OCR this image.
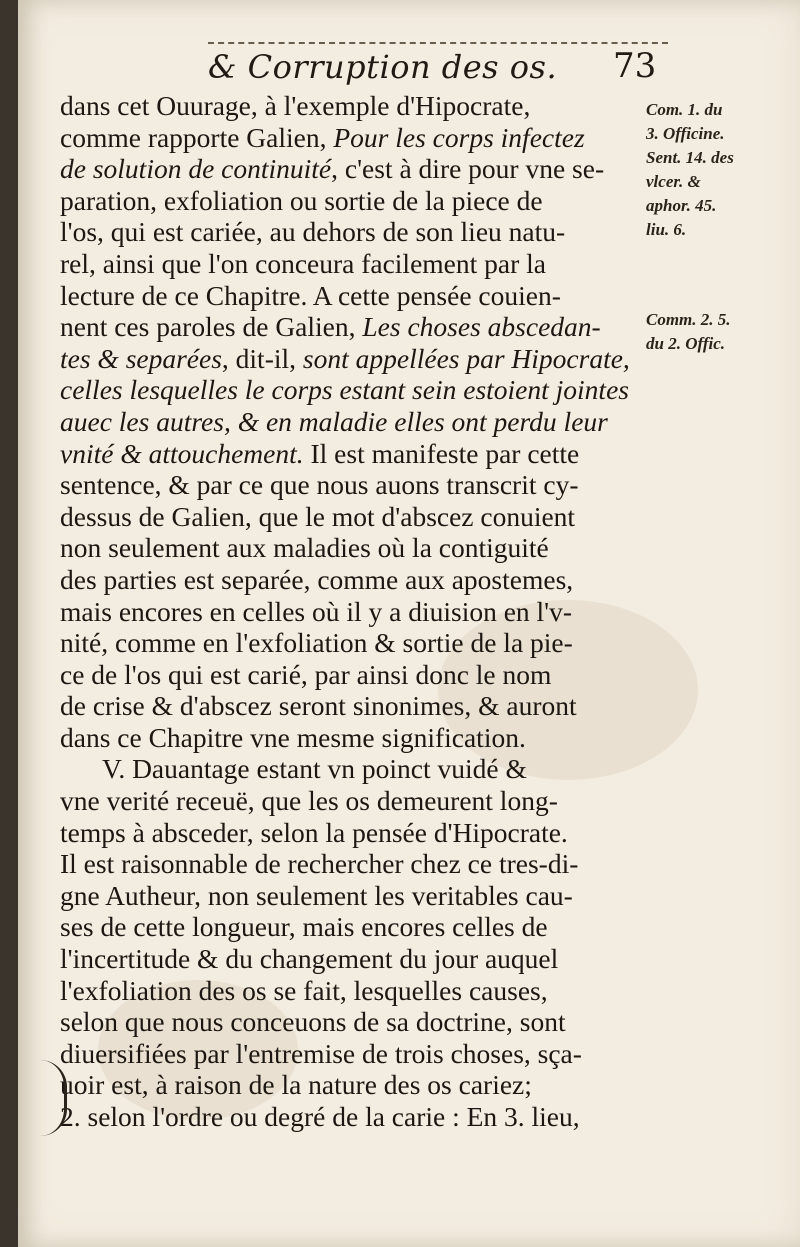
& Corruption des os. 73
dans cet Ouurage, à l'exemple d'Hipocrate,
comme rapporte Galien, Pour les corps infectez
de solution de continuité, c'est à dire pour vne se-
paration, exfoliation ou sortie de la piece de
l'os, qui est cariée, au dehors de son lieu natu-
rel, ainsi que l'on conceura facilement par la
lecture de ce Chapitre. A cette pensée couien-
nent ces paroles de Galien, Les choses abscedan-
tes & separées, dit-il, sont appellées par Hipocrate,
celles lesquelles le corps estant sein estoient jointes
auec les autres, & en maladie elles ont perdu leur
vnité & attouchement. Il est manifeste par cette
sentence, & par ce que nous auons transcrit cy-
dessus de Galien, que le mot d'abscez conuient
non seulement aux maladies où la contiguité
des parties est separée, comme aux apostemes,
mais encores en celles où il y a diuision en l'v-
nité, comme en l'exfoliation & sortie de la pie-
ce de l'os qui est carié, par ainsi donc le nom
de crise & d'abscez seront sinonimes, & auront
dans ce Chapitre vne mesme signification.
V. Dauantage estant vn poinct vuidé &
vne verité receuë, que les os demeurent long-
temps à absceder, selon la pensée d'Hipocrate.
Il est raisonnable de rechercher chez ce tres-di-
gne Autheur, non seulement les veritables cau-
ses de cette longueur, mais encores celles de
l'incertitude & du changement du jour auquel
l'exfoliation des os se fait, lesquelles causes,
selon que nous conceuons de sa doctrine, sont
diuersifiées par l'entremise de trois choses, sça-
uoir est, à raison de la nature des os cariez;
2. selon l'ordre ou degré de la carie : En 3. lieu,
Com. 1. du
3. Officine.
Sent. 14. des
vlcer. &
aphor. 45.
liu. 6.
Comm. 2. 5.
du 2. Offic.
